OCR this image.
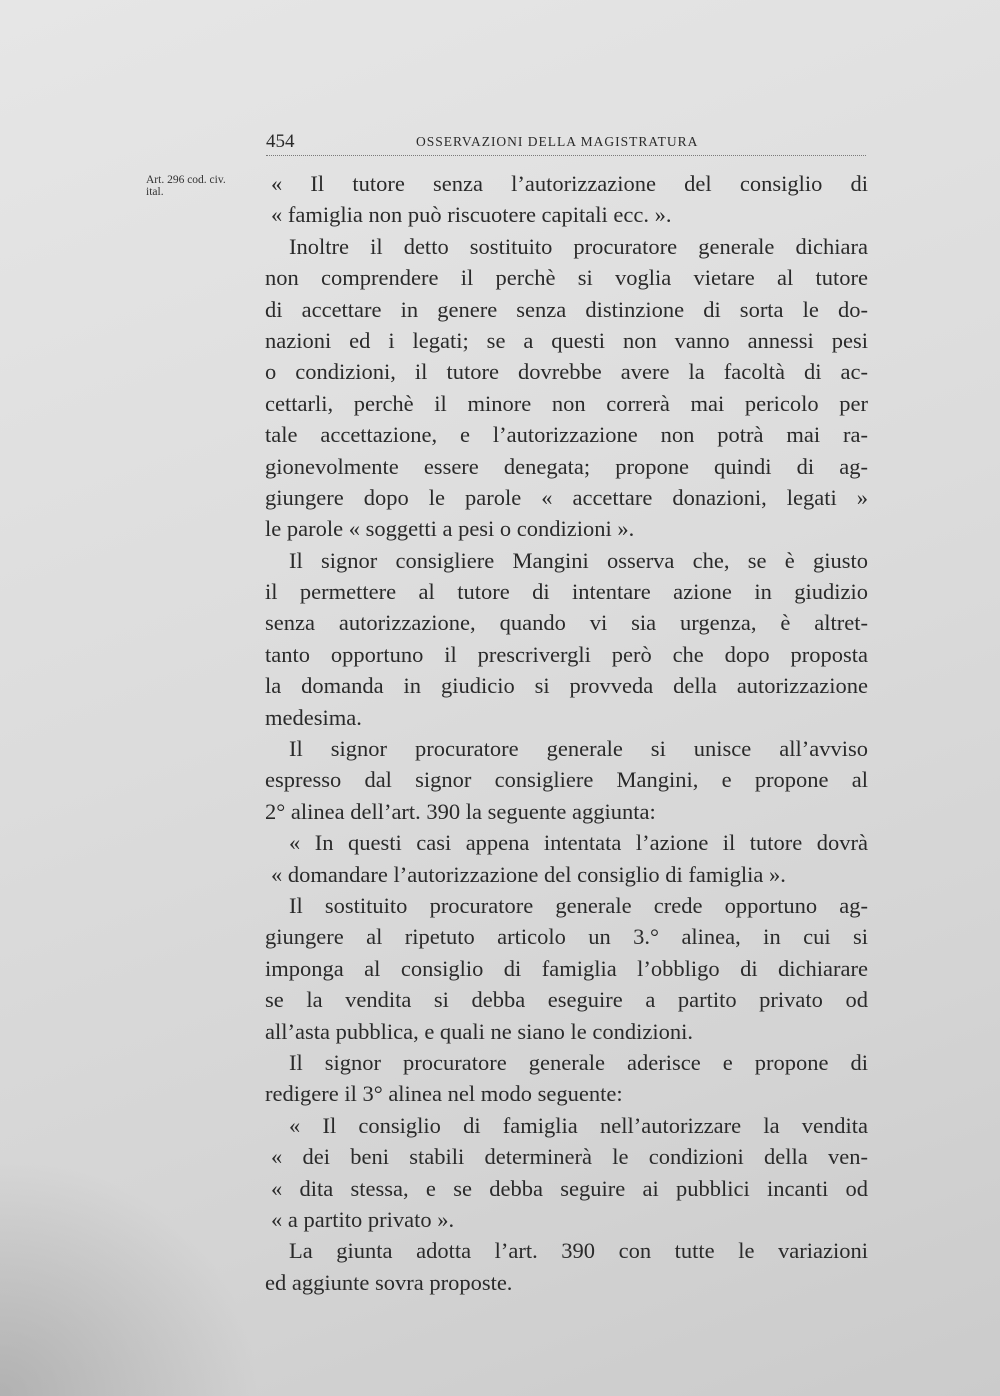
454	OSSERVAZIONI DELLA MAGISTRATURA
Art. 296 cod. civ.
ital.	« Il tutore senza l’autorizzazione del consiglio di
« famiglia non può riscuotere capitali ecc. ».
Inoltre il detto sostituito procuratore generale dichiara
non comprendere il perchè si voglia vietare al tutore
di accettare in genere senza distinzione di sorta le do-
nazioni ed i legati; se a questi non vanno annessi pesi
o condizioni, il tutore dovrebbe avere la facoltà di ac-
cettarli, perchè il minore non correrà mai pericolo per
tale accettazione, e l’autorizzazione non potrà mai ra-
gionevolmente essere denegata; propone quindi di ag-
giungere dopo le parole « accettare donazioni, legati »
le parole « soggetti a pesi o condizioni ».
Il signor consigliere Mangini osserva che, se è giusto
il permettere al tutore di intentare azione in giudizio
senza autorizzazione, quando vi sia urgenza, è altret-
tanto opportuno il prescrivergli però che dopo proposta
la domanda in giudicio si provveda della autorizzazione
medesima.
Il signor procuratore generale si unisce all’avviso
espresso dal signor consigliere Mangini, e propone al
2° alinea dell’art. 390 la seguente aggiunta:
« In questi casi appena intentata l’azione il tutore dovrà
« domandare l’autorizzazione del consiglio di famiglia ».
Il sostituito procuratore generale crede opportuno ag-
giungere al ripetuto articolo un 3.° alinea, in cui si
imponga al consiglio di famiglia l’obbligo di dichiarare
se la vendita si debba eseguire a partito privato od
all’asta pubblica, e quali ne siano le condizioni.
Il signor procuratore generale aderisce e propone di
redigere il 3° alinea nel modo seguente:
« Il consiglio di famiglia nell’autorizzare la vendita
« dei beni stabili determinerà le condizioni della ven-
« dita stessa, e se debba seguire ai pubblici incanti od
« a partito privato ».
La giunta adotta l’art. 390 con tutte le variazioni
ed aggiunte sovra proposte.
